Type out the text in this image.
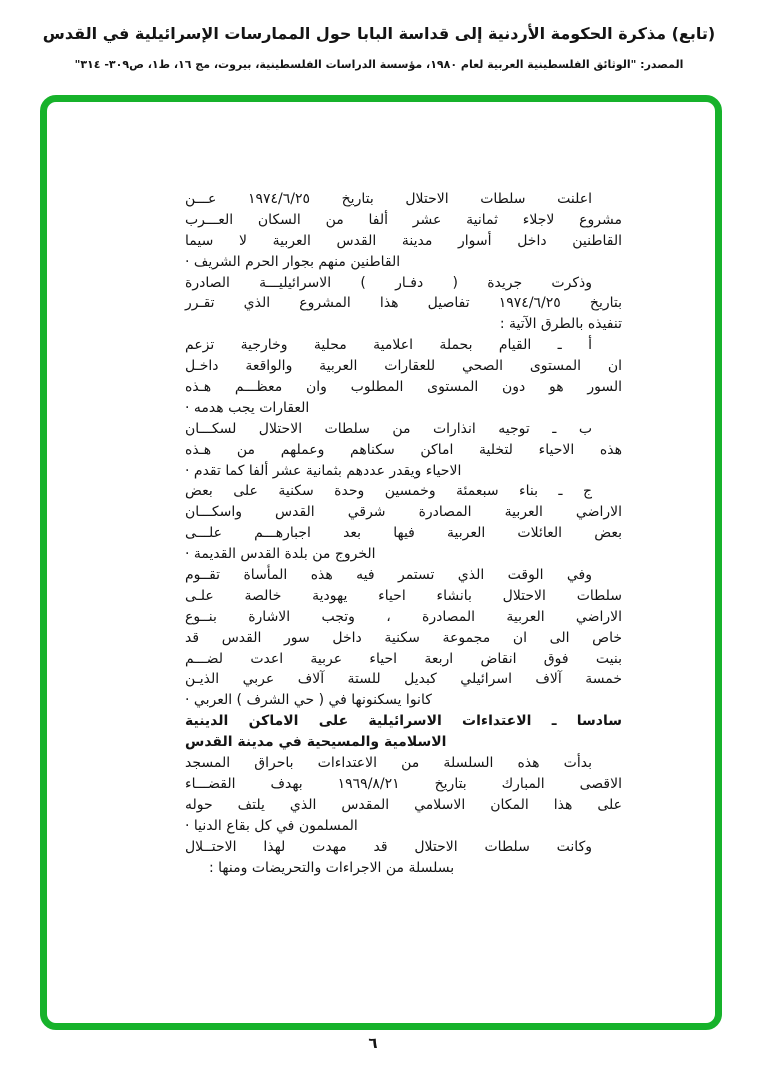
(تابع) مذكرة الحكومة الأردنية إلى قداسة البابا حول الممارسات الإسرائيلية في القدس
المصدر: "الوثائق الفلسطينية العربية لعام ١٩٨٠، مؤسسة الدراسات الفلسطينية، بيروت، مج ١٦، ط١، ص٣٠٩- ٣١٤"
اعلنت سلطات الاحتلال بتاريخ ١٩٧٤/٦/٢٥ عـــن
مشروع لاجلاء ثمانية عشر ألفا من السكان العـــرب
القاطنين داخل أسوار مدينة القدس العربية لا سيما
القاطنين منهم بجوار الحرم الشريف ·
وذكرت جريدة ( دفـار ) الاسرائيليـــة الصادرة
بتاريخ ١٩٧٤/٦/٢٥ تفاصيل هذا المشروع الذي تقـرر
تنفيذه بالطرق الآتية :
أ ـ القيام بحملة اعلامية محلية وخارجية تزعم
ان المستوى الصحي للعقارات العربية والواقعة داخـل
السور هو دون المستوى المطلوب وان معظـــم هـذه
العقارات يجب هدمه ·
ب ـ توجيه انذارات من سلطات الاحتلال لسكـــان
هذه الاحياء لتخلية اماكن سكناهم وعملهم من هـذه
الاحياء ويقدر عددهم بثمانية عشر ألفا كما تقدم ·
ج ـ بناء سبعمئة وخمسين وحدة سكنية على بعض
الاراضي العربية المصادرة شرقي القدس واسكـــان
بعض العائلات العربية فيها بعد اجبارهـــم علـــى
الخروج من بلدة القدس القديمة ·
وفي الوقت الذي تستمر فيه هذه المأساة تقــوم
سلطات الاحتلال بانشاء احياء يهودية خالصة علـى
الاراضي العربية المصادرة ، وتجب الاشارة بنــوع
خاص الى ان مجموعة سكنية داخل سور القدس قد
بنيت فوق انقاض اربعة احياء عربية اعدت لضـــم
خمسة آلاف اسرائيلي كبديل للستة آلاف عربي الذيـن
كانوا يسكنونها في ( حي الشرف ) العربي ·
سادسا ـ الاعتداءات الاسرائيلية على الاماكن الدينية
الاسلامية والمسيحية في مدينة القدس
بدأت هذه السلسلة من الاعتداءات باحراق المسجد
الاقصى المبارك بتاريخ ١٩٦٩/٨/٢١ بهدف القضـــاء
على هذا المكان الاسلامي المقدس الذي يلتف حوله
المسلمون في كل بقاع الدنيا ·
وكانت سلطات الاحتلال قد مهدت لهذا الاحتــلال
بسلسلة من الاجراءات والتحريضات ومنها :
٦
